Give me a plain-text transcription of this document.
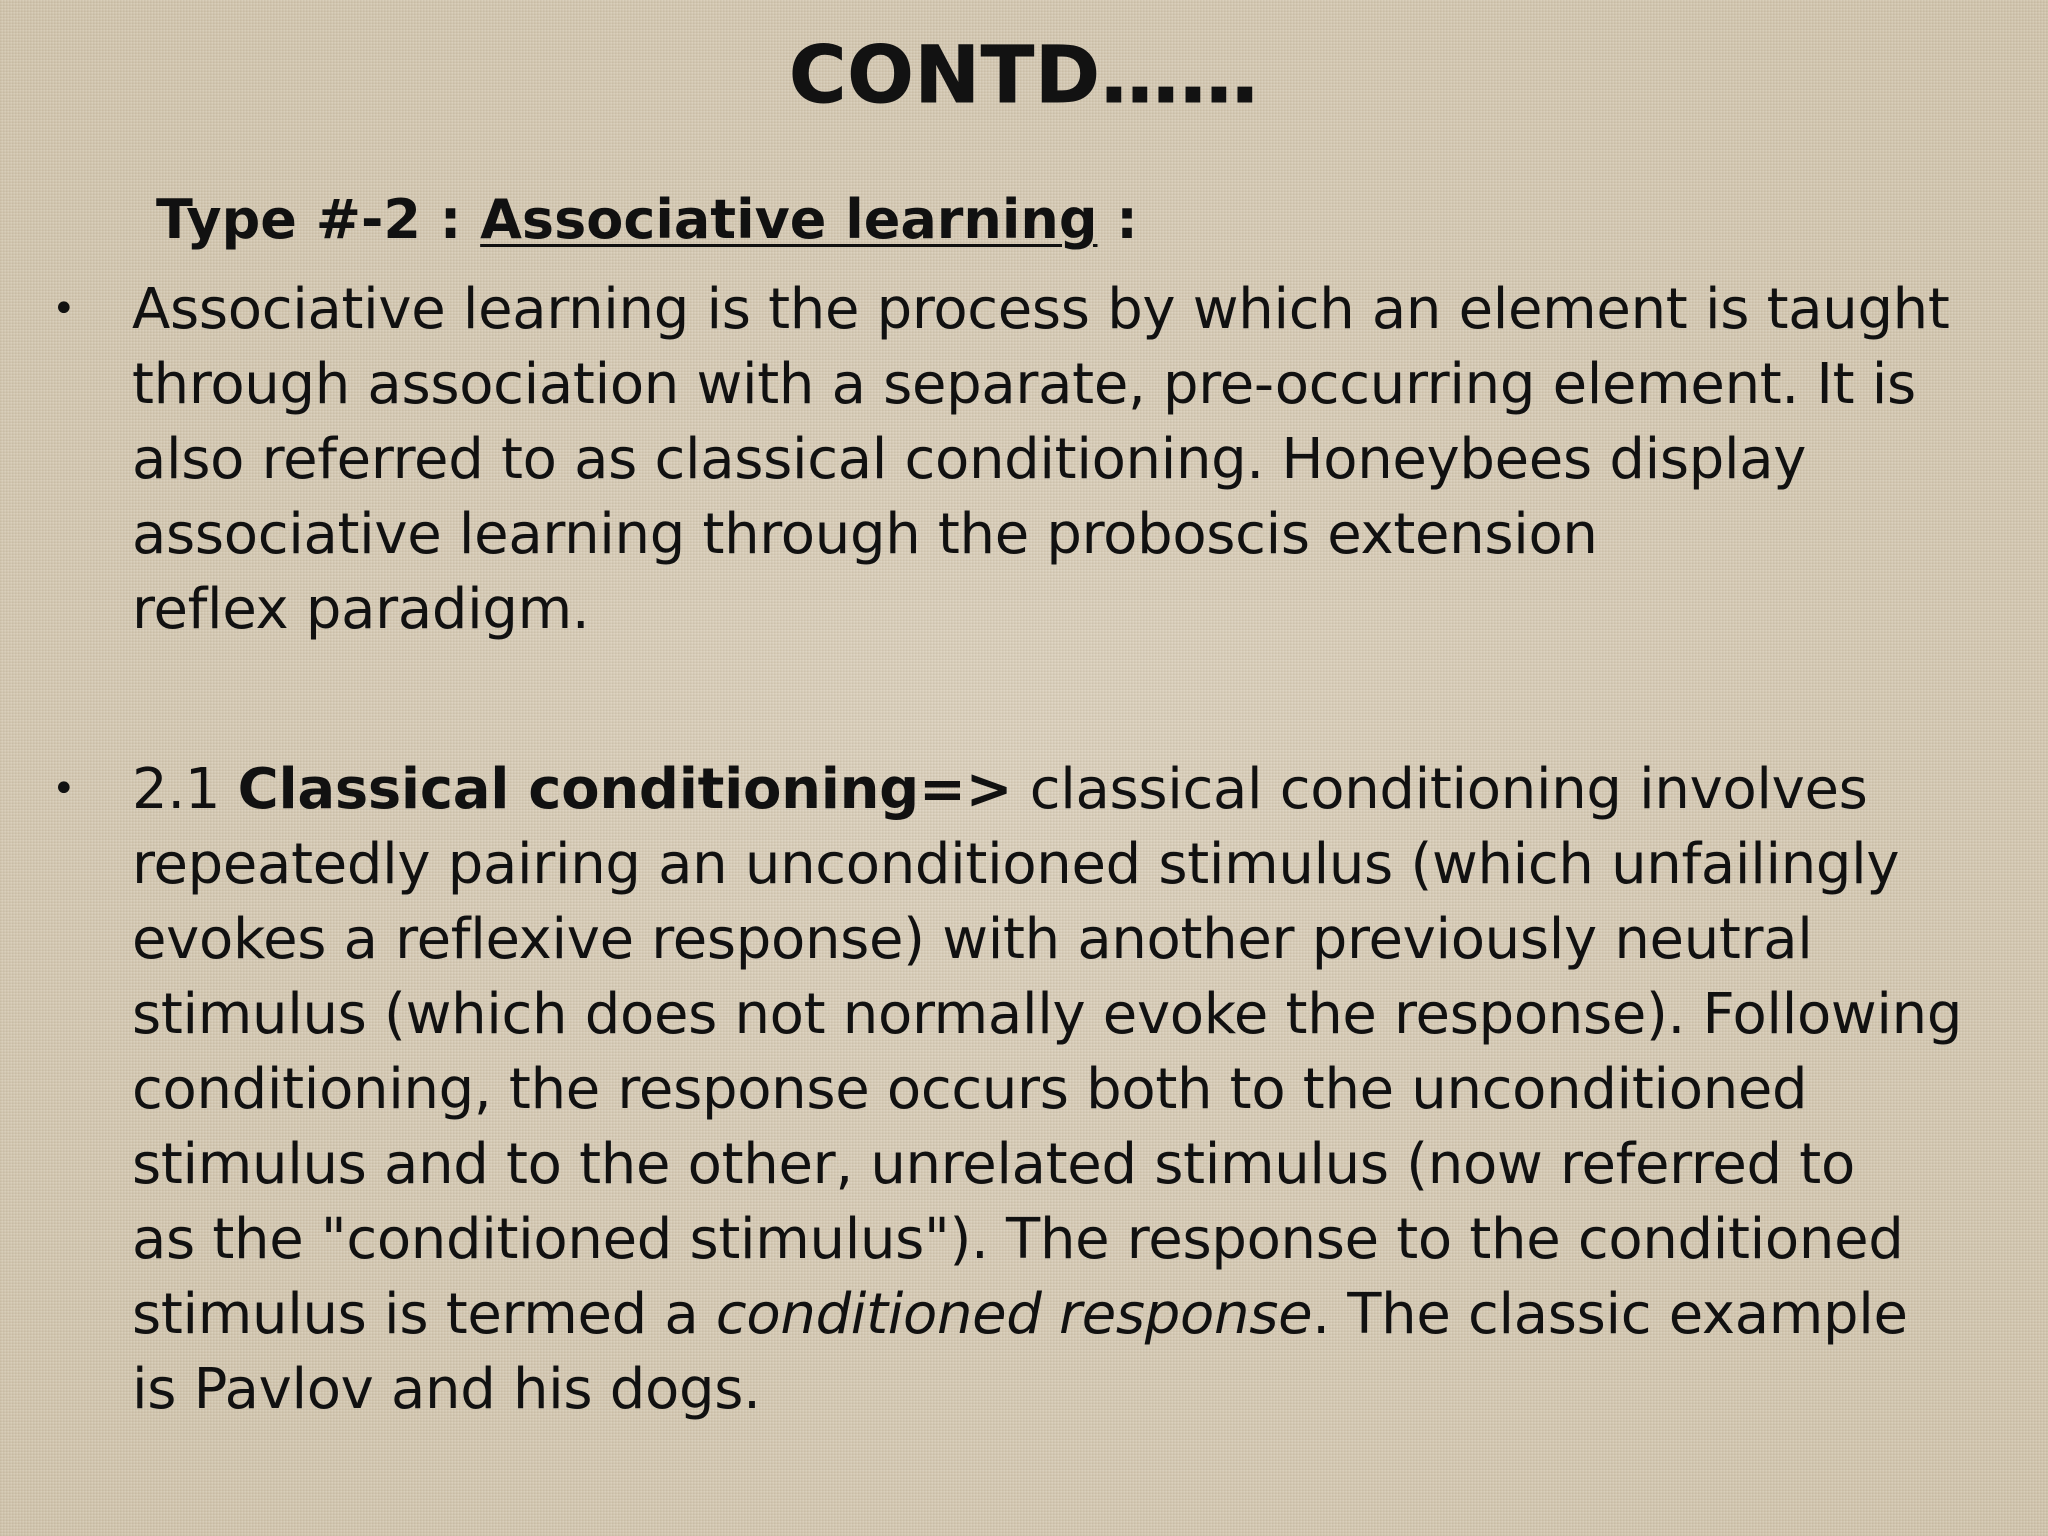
CONTD……
Type #-2 : Associative learning :
• Associative learning is the process by which an element is taught
through association with a separate, pre-occurring element. It is
also referred to as classical conditioning. Honeybees display
associative learning through the proboscis extension
reflex paradigm.
• 2.1 Classical conditioning=> classical conditioning involves
repeatedly pairing an unconditioned stimulus (which unfailingly
evokes a reflexive response) with another previously neutral
stimulus (which does not normally evoke the response). Following
conditioning, the response occurs both to the unconditioned
stimulus and to the other, unrelated stimulus (now referred to
as the "conditioned stimulus"). The response to the conditioned
stimulus is termed a conditioned response. The classic example
is Pavlov and his dogs.
